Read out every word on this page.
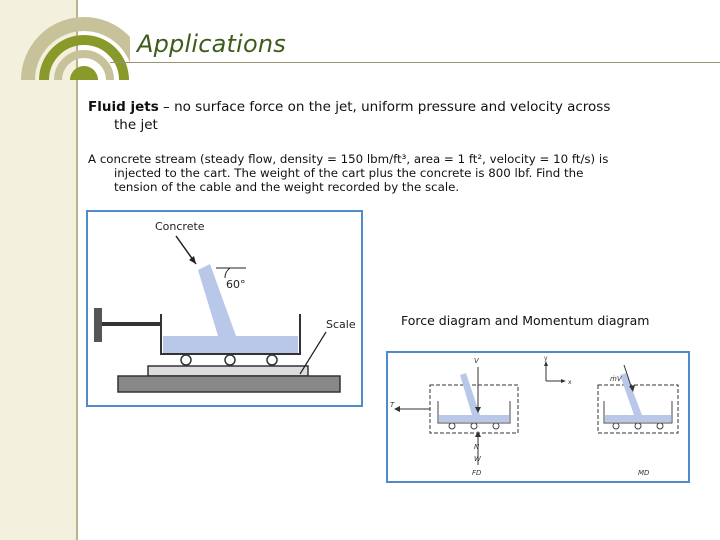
Applications
Fluid jets – no surface force on the jet, uniform pressure and velocity across
the jet
A concrete stream (steady flow, density = 150 lbm/ft³, area = 1 ft², velocity = 10 ft/s) is
injected to the cart. The weight of the cart plus the concrete is 800 lbf. Find the
tension of the cable and the weight recorded by the scale.
Concrete
60°
Scale	Force diagram and Momentum diagram
T
V
N
W
FD
y
x	ṁV
MD
